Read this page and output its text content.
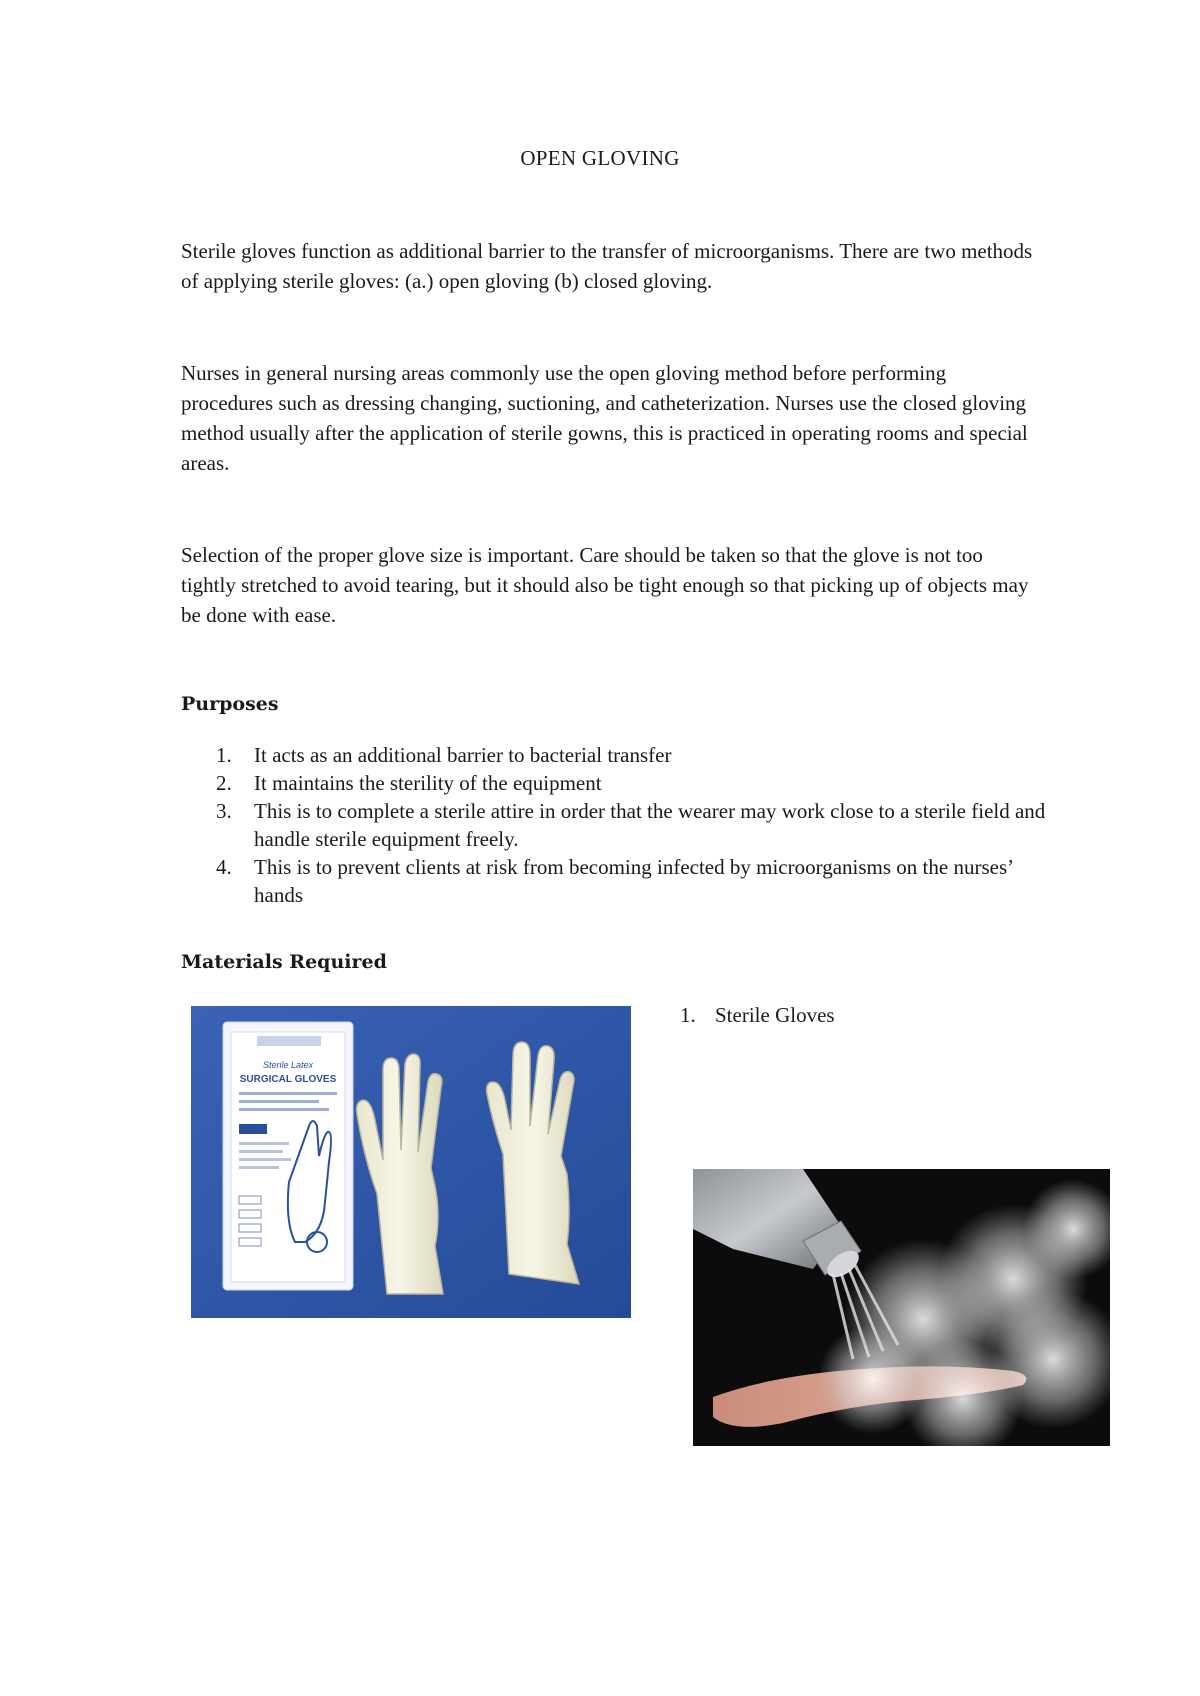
OPEN GLOVING

Sterile gloves function as additional barrier to the transfer of microorganisms. There are two methods of applying sterile gloves: (a.) open gloving (b) closed gloving.

Nurses in general nursing areas commonly use the open gloving method before performing procedures such as dressing changing, suctioning, and catheterization. Nurses use the closed gloving method usually after the application of sterile gowns, this is practiced in operating rooms and special areas.

Selection of the proper glove size is important. Care should be taken so that the glove is not too tightly stretched to avoid tearing, but it should also be tight enough so that picking up of objects may be done with ease.

Purposes
1. It acts as an additional barrier to bacterial transfer
2. It maintains the sterility of the equipment
3. This is to complete a sterile attire in order that the wearer may work close to a sterile field and handle sterile equipment freely.
4. This is to prevent clients at risk from becoming infected by microorganisms on the nurses’ hands
Materials Required
Sterile Latex
SURGICAL GLOVES
1. Sterile Gloves
